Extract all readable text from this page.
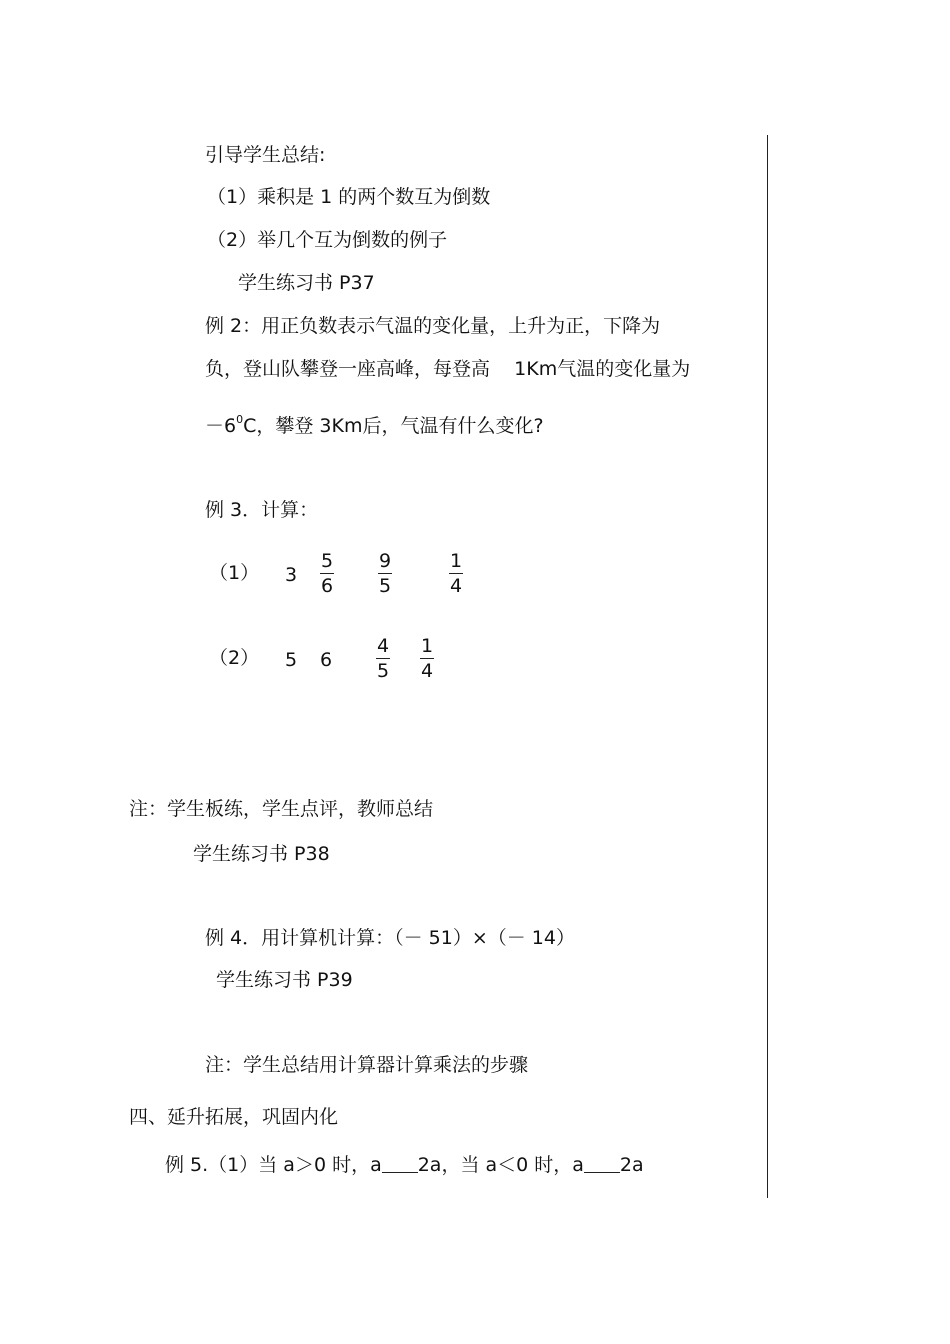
引导学生总结:
（1）乘积是 1 的两个数互为倒数
（2）举几个互为倒数的例子
学生练习书 P37
例 2：用正负数表示气温的变化量，上升为正，下降为
负，登山队攀登一座高峰，每登高    1Km气温的变化量为
$-6^0C$，攀登 3Km后，气温有什么变化?
例 3．计算：
（1） 3
5
6
9
5
1
4
（2） 5 6
4
5
1
4
注：学生板练，学生点评，教师总结
学生练习书 P38
例 4．用计算机计算：（－ 51）×（－ 14）
学生练习书 P39
注：学生总结用计算器计算乘法的步骤
四、延升拓展，巩固内化
例 5.（1）当 a＞0 时，a 2a，当 a＜0 时，a 2a
